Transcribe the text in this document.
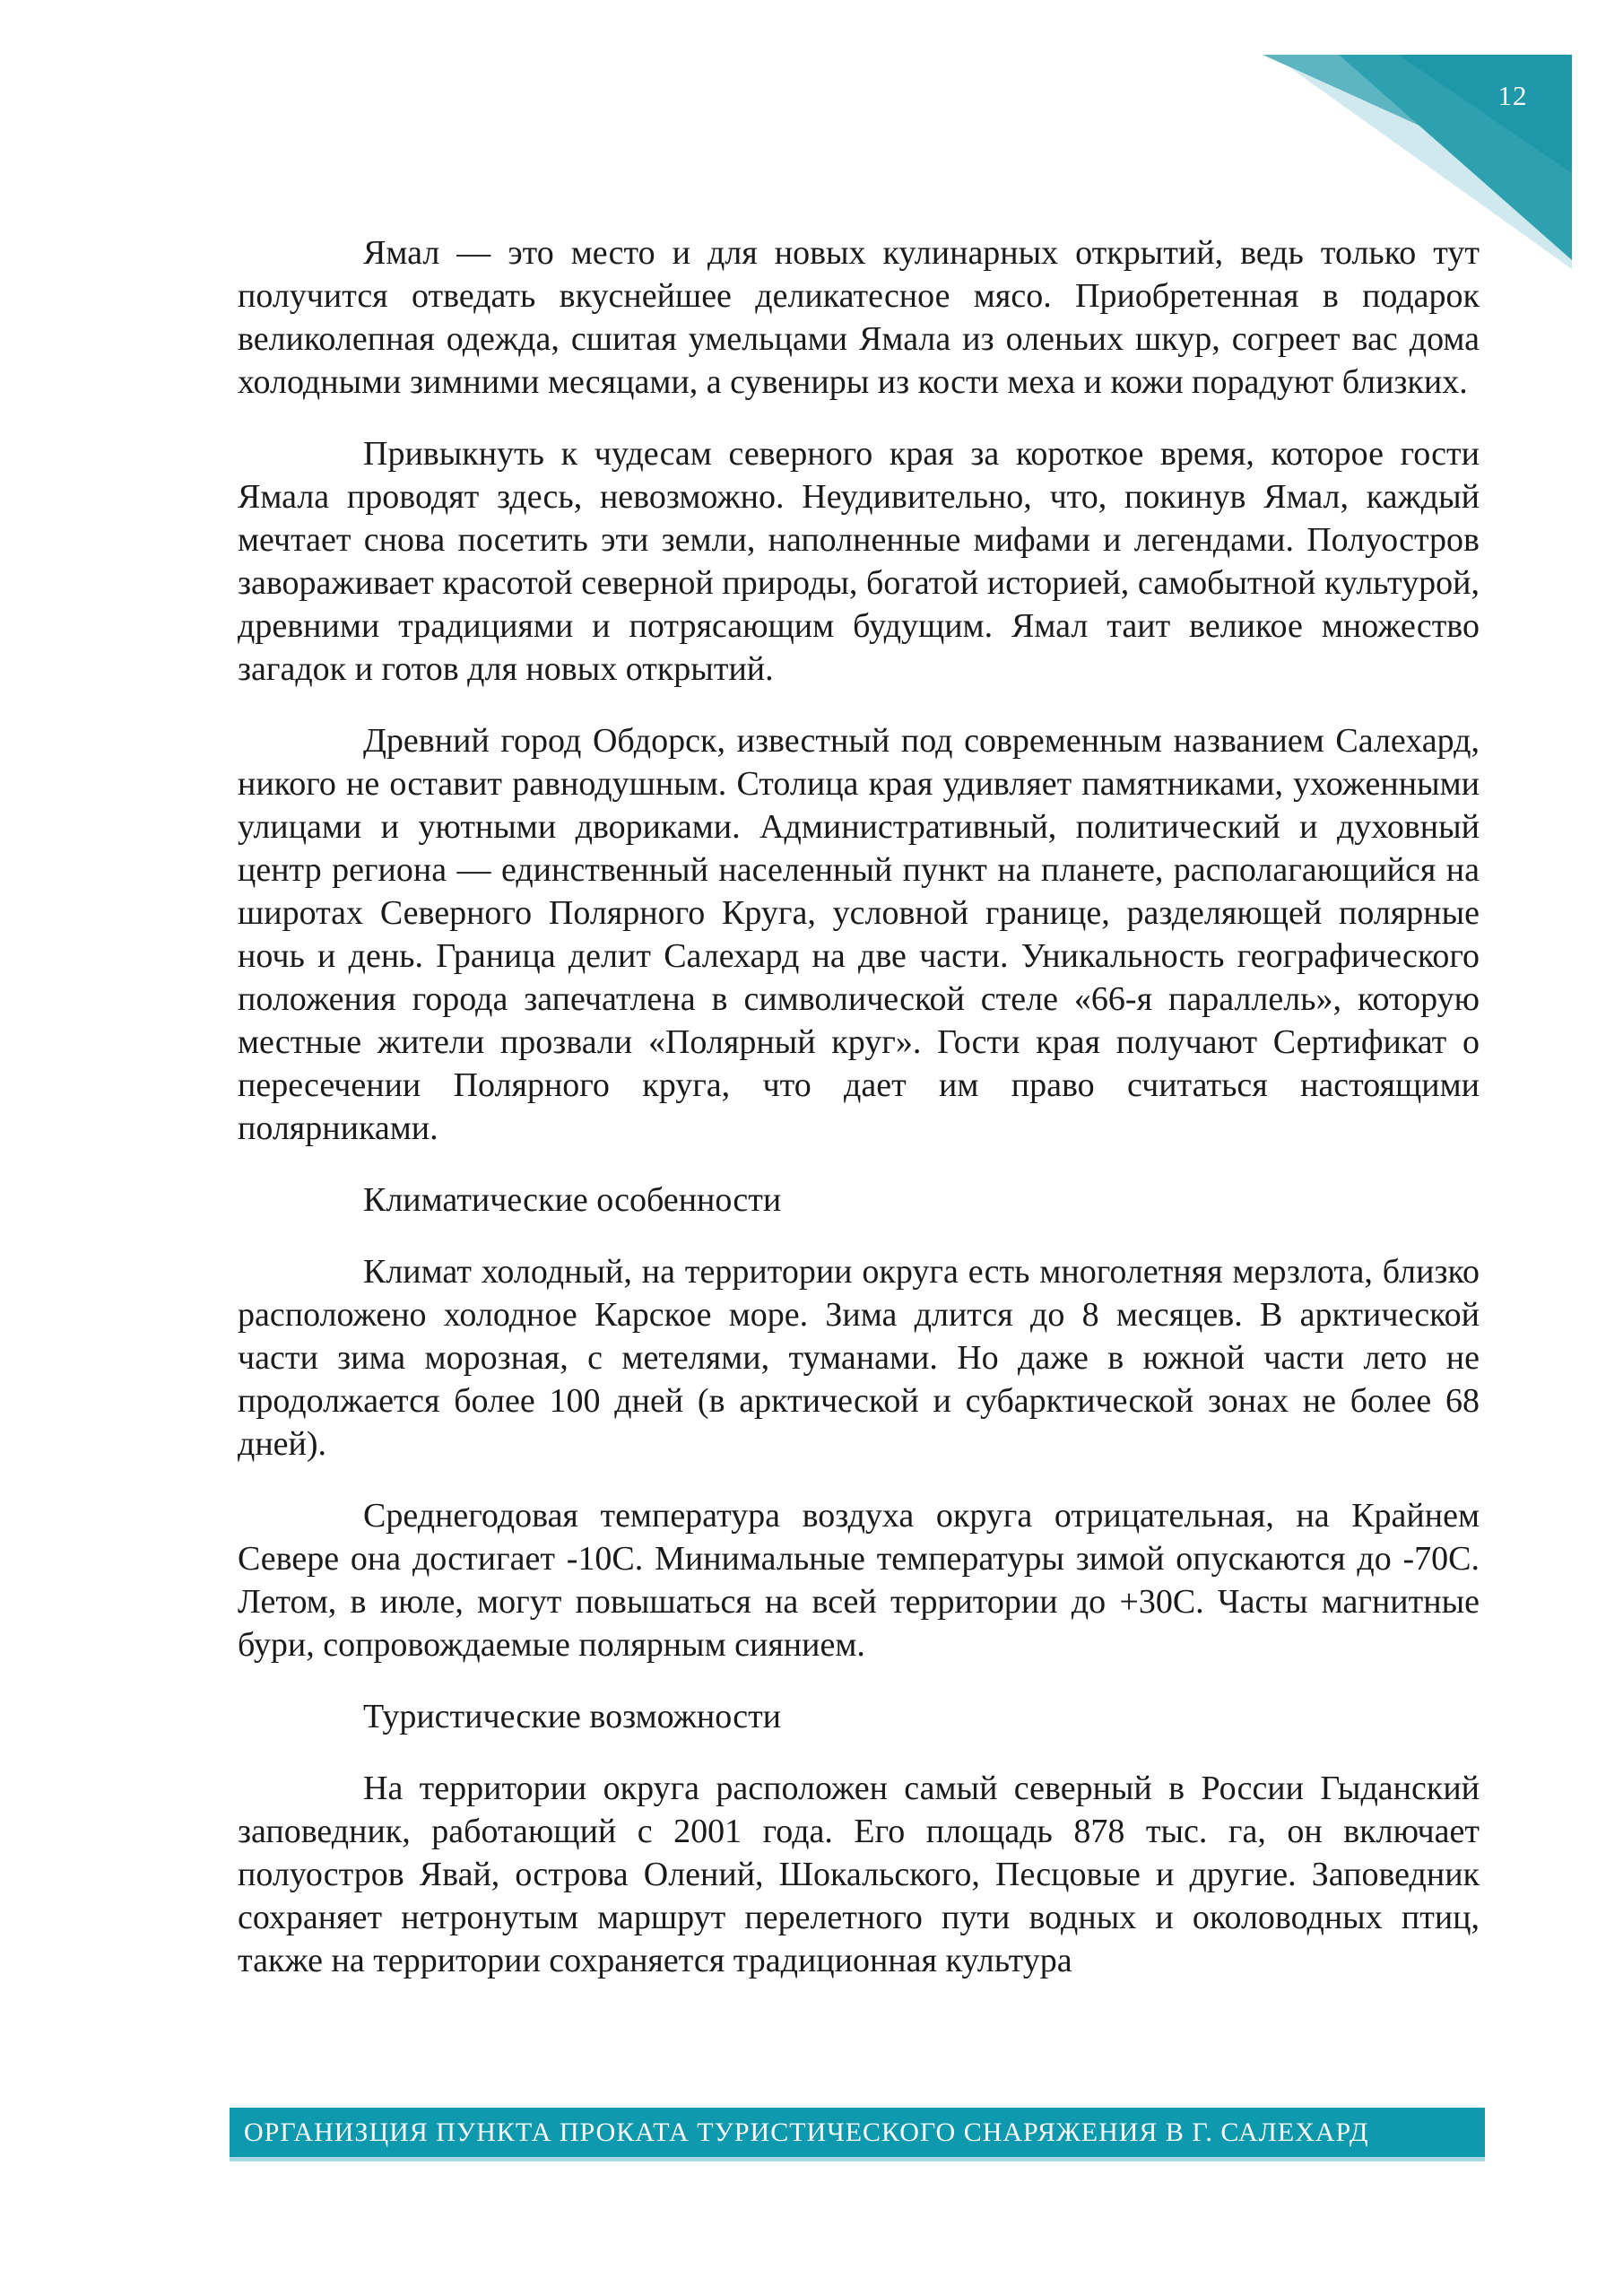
12

Ямал — это место и для новых кулинарных открытий, ведь только тут получится отведать вкуснейшее деликатесное мясо. Приобретенная в подарок великолепная одежда, сшитая умельцами Ямала из оленьих шкур, согреет вас дома холодными зимними месяцами, а сувениры из кости меха и кожи порадуют близких.

Привыкнуть к чудесам северного края за короткое время, которое гости Ямала проводят здесь, невозможно. Неудивительно, что, покинув Ямал, каждый мечтает снова посетить эти земли, наполненные мифами и легендами. Полуостров завораживает красотой северной природы, богатой историей, самобытной культурой, древними традициями и потрясающим будущим. Ямал таит великое множество загадок и готов для новых открытий.

Древний город Обдорск, известный под современным названием Салехард, никого не оставит равнодушным. Столица края удивляет памятниками, ухоженными улицами и уютными двориками. Административный, политический и духовный центр региона — единственный населенный пункт на планете, располагающийся на широтах Северного Полярного Круга, условной границе, разделяющей полярные ночь и день. Граница делит Салехард на две части. Уникальность географического положения города запечатлена в символической стеле «66-я параллель», которую местные жители прозвали «Полярный круг». Гости края получают Сертификат о пересечении Полярного круга, что дает им право считаться настоящими полярниками.

Климатические особенности

Климат холодный, на территории округа есть многолетняя мерзлота, близко расположено холодное Карское море. Зима длится до 8 месяцев. В арктической части зима морозная, с метелями, туманами. Но даже в южной части лето не продолжается более 100 дней (в арктической и субарктической зонах не более 68 дней).

Среднегодовая температура воздуха округа отрицательная, на Крайнем Севере она достигает -10С. Минимальные температуры зимой опускаются до -70С. Летом, в июле, могут повышаться на всей территории до +30С. Часты магнитные бури, сопровождаемые полярным сиянием.

Туристические возможности

На территории округа расположен самый северный в России Гыданский заповедник, работающий с 2001 года. Его площадь 878 тыс. га, он включает полуостров Явай, острова Олений, Шокальского, Песцовые и другие. Заповедник сохраняет нетронутым маршрут перелетного пути водных и околоводных птиц, также на территории сохраняется традиционная культура

ОРГАНИЗЦИЯ ПУНКТА ПРОКАТА ТУРИСТИЧЕСКОГО СНАРЯЖЕНИЯ В Г. САЛЕХАРД
